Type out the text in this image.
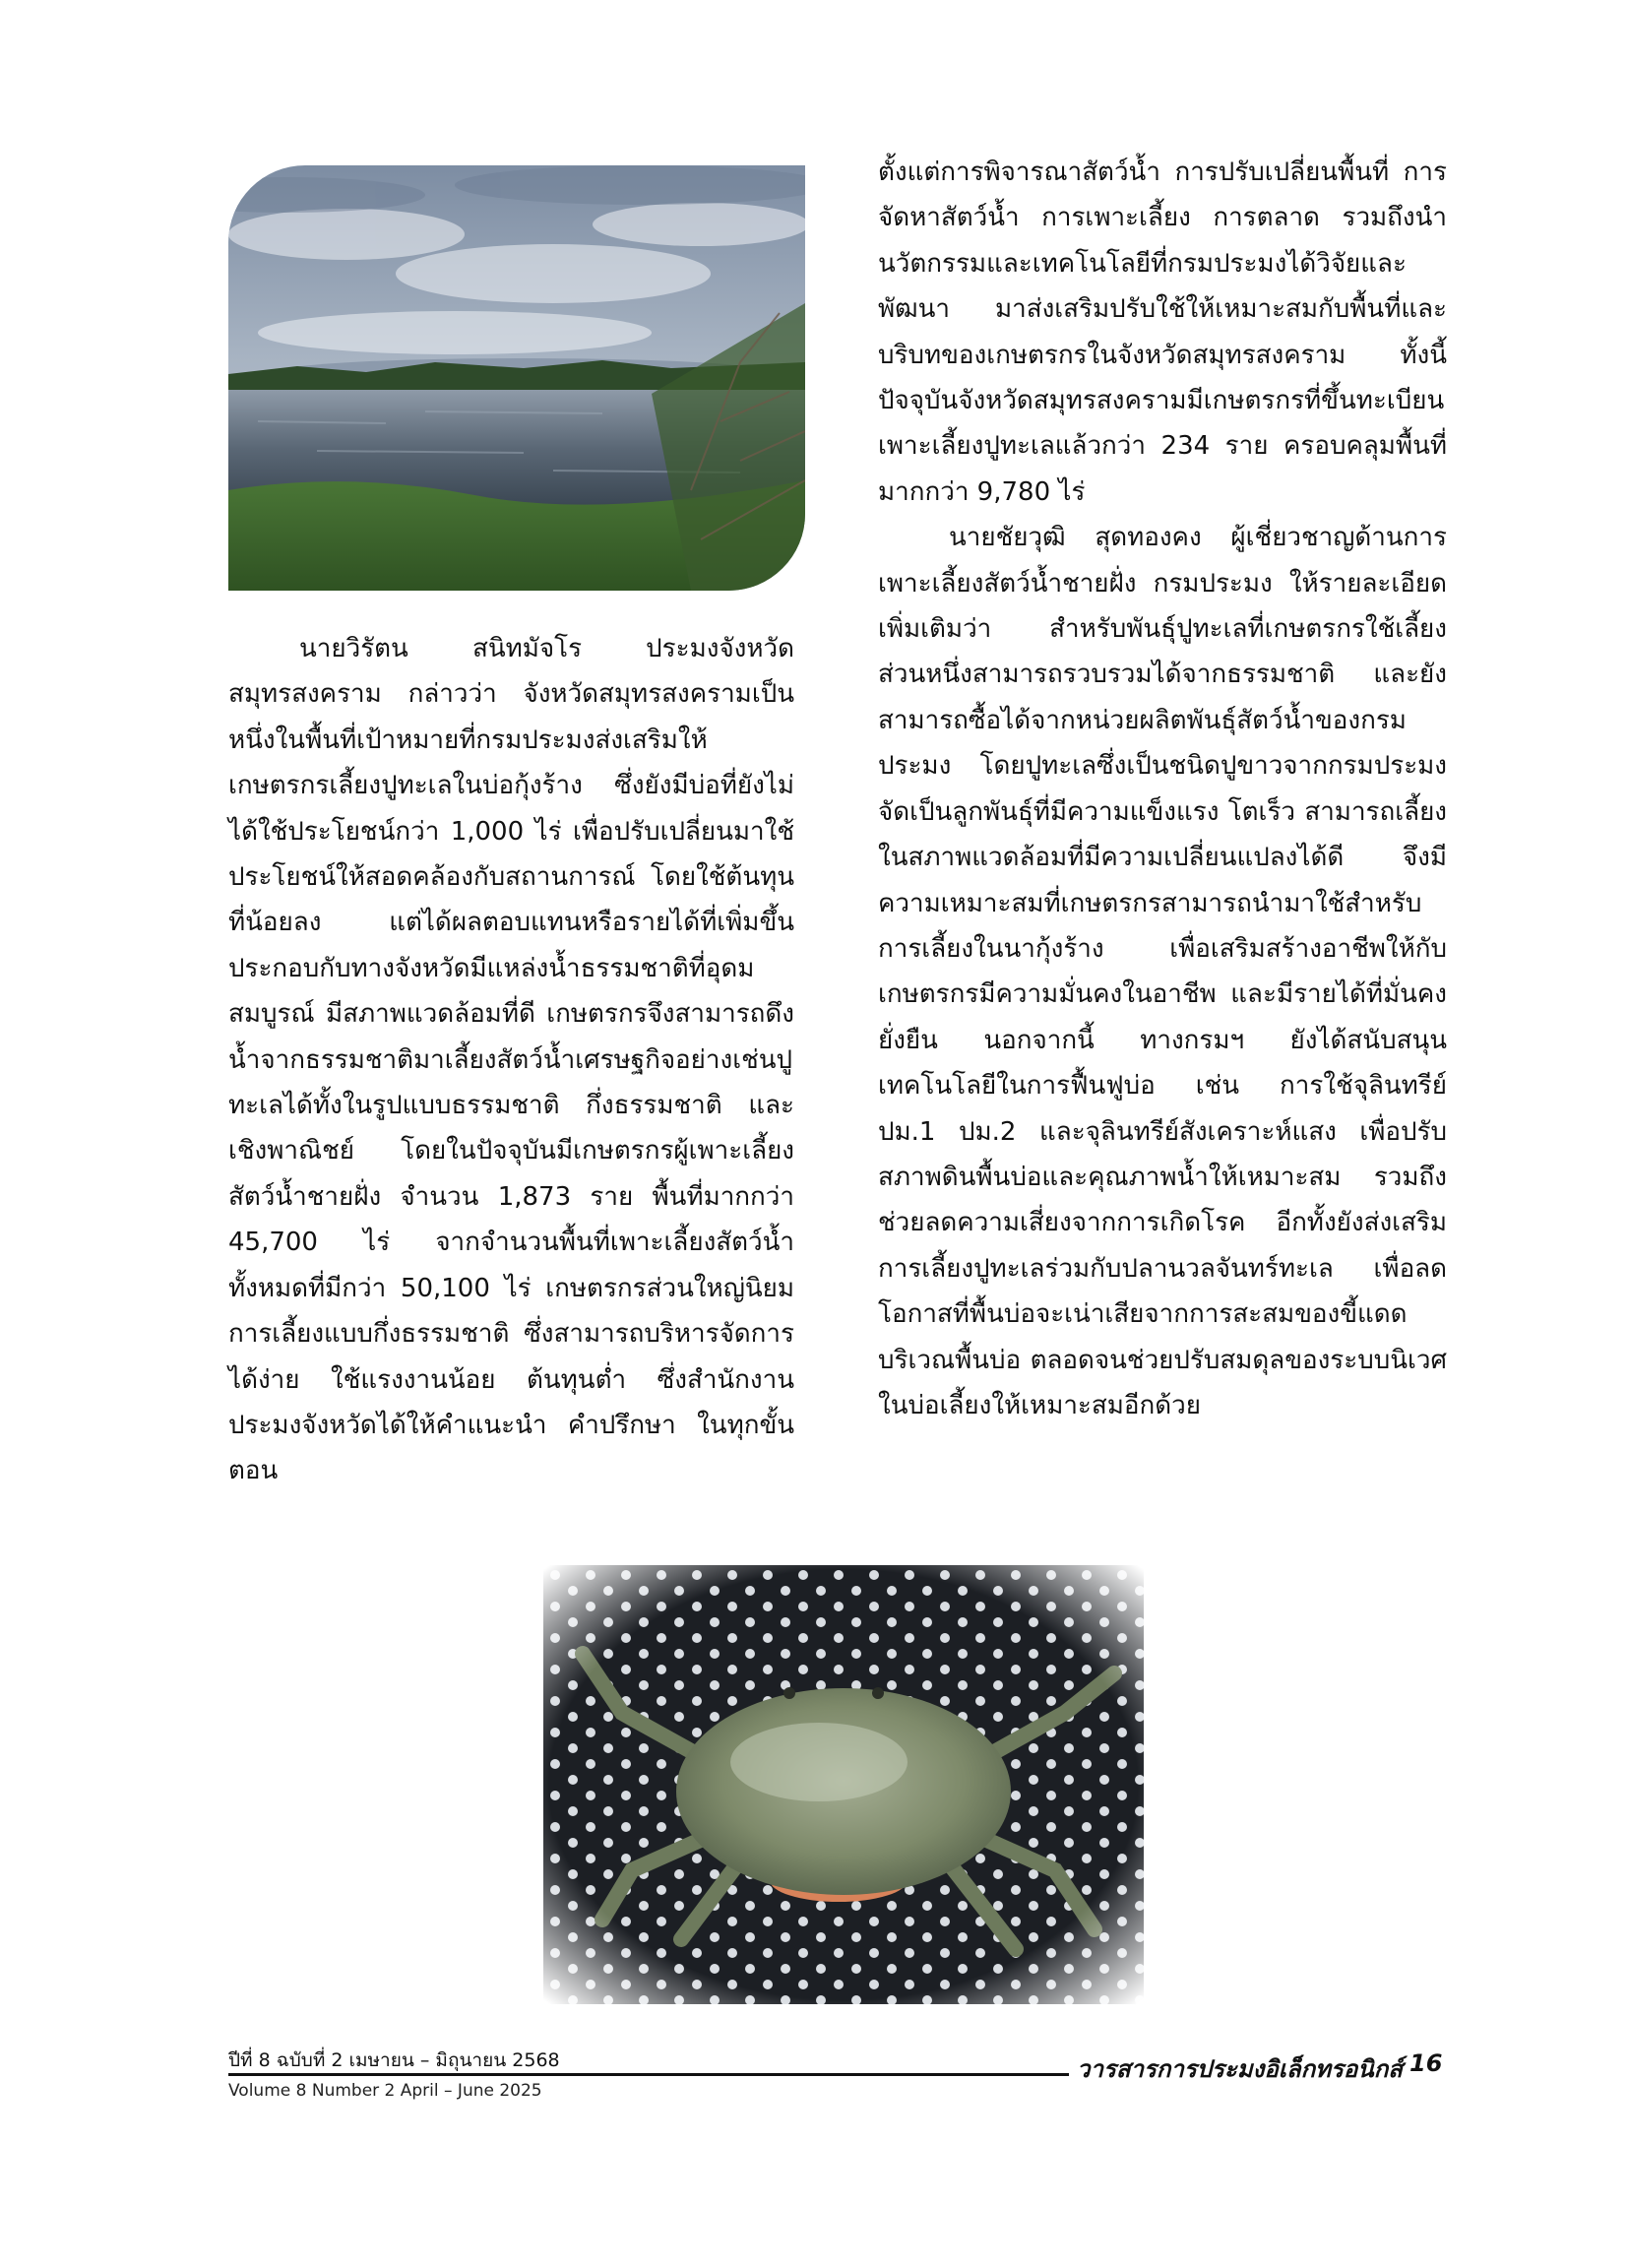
นายวิรัตน สนิทมัจโร ประมงจังหวัดสมุทรสงคราม กล่าวว่า จังหวัดสมุทรสงครามเป็นหนึ่งในพื้นที่เป้าหมายที่กรมประมงส่งเสริมให้เกษตรกรเลี้ยงปูทะเลในบ่อกุ้งร้าง ซึ่งยังมีบ่อที่ยังไม่ได้ใช้ประโยชน์กว่า 1,000 ไร่ เพื่อปรับเปลี่ยนมาใช้ประโยชน์ให้สอดคล้องกับสถานการณ์ โดยใช้ต้นทุนที่น้อยลง แต่ได้ผลตอบแทนหรือรายได้ที่เพิ่มขึ้น ประกอบกับทางจังหวัดมีแหล่งน้ำธรรมชาติที่อุดมสมบูรณ์ มีสภาพแวดล้อมที่ดี เกษตรกรจึงสามารถดึงน้ำจากธรรมชาติมาเลี้ยงสัตว์น้ำเศรษฐกิจอย่างเช่นปูทะเลได้ทั้งในรูปแบบธรรมชาติ กึ่งธรรมชาติ และเชิงพาณิชย์ โดยในปัจจุบันมีเกษตรกรผู้เพาะเลี้ยงสัตว์น้ำชายฝั่ง จำนวน 1,873 ราย พื้นที่มากกว่า 45,700 ไร่ จากจำนวนพื้นที่เพาะเลี้ยงสัตว์น้ำทั้งหมดที่มีกว่า 50,100 ไร่ เกษตรกรส่วนใหญ่นิยมการเลี้ยงแบบกึ่งธรรมชาติ ซึ่งสามารถบริหารจัดการได้ง่าย ใช้แรงงานน้อย ต้นทุนต่ำ ซึ่งสำนักงานประมงจังหวัดได้ให้คำแนะนำ คำปรึกษา ในทุกขั้นตอน

ตั้งแต่การพิจารณาสัตว์น้ำ การปรับเปลี่ยนพื้นที่ การจัดหาสัตว์น้ำ การเพาะเลี้ยง การตลาด รวมถึงนำนวัตกรรมและเทคโนโลยีที่กรมประมงได้วิจัยและพัฒนา มาส่งเสริมปรับใช้ให้เหมาะสมกับพื้นที่และบริบทของเกษตรกรในจังหวัดสมุทรสงคราม ทั้งนี้ ปัจจุบันจังหวัดสมุทรสงครามมีเกษตรกรที่ขึ้นทะเบียนเพาะเลี้ยงปูทะเลแล้วกว่า 234 ราย ครอบคลุมพื้นที่มากกว่า 9,780 ไร่

นายชัยวุฒิ สุดทองคง ผู้เชี่ยวชาญด้านการเพาะเลี้ยงสัตว์น้ำชายฝั่ง กรมประมง ให้รายละเอียดเพิ่มเติมว่า สำหรับพันธุ์ปูทะเลที่เกษตรกรใช้เลี้ยง ส่วนหนึ่งสามารถรวบรวมได้จากธรรมชาติ และยังสามารถซื้อได้จากหน่วยผลิตพันธุ์สัตว์น้ำของกรมประมง โดยปูทะเลซึ่งเป็นชนิดปูขาวจากกรมประมง จัดเป็นลูกพันธุ์ที่มีความแข็งแรง โตเร็ว สามารถเลี้ยงในสภาพแวดล้อมที่มีความเปลี่ยนแปลงได้ดี จึงมีความเหมาะสมที่เกษตรกรสามารถนำมาใช้สำหรับการเลี้ยงในนากุ้งร้าง เพื่อเสริมสร้างอาชีพให้กับเกษตรกรมีความมั่นคงในอาชีพ และมีรายได้ที่มั่นคงยั่งยืน นอกจากนี้ ทางกรมฯ ยังได้สนับสนุนเทคโนโลยีในการฟื้นฟูบ่อ เช่น การใช้จุลินทรีย์ ปม.1 ปม.2 และจุลินทรีย์สังเคราะห์แสง เพื่อปรับสภาพดินพื้นบ่อและคุณภาพน้ำให้เหมาะสม รวมถึงช่วยลดความเสี่ยงจากการเกิดโรค อีกทั้งยังส่งเสริมการเลี้ยงปูทะเลร่วมกับปลานวลจันทร์ทะเล เพื่อลดโอกาสที่พื้นบ่อจะเน่าเสียจากการสะสมของขี้แดดบริเวณพื้นบ่อ ตลอดจนช่วยปรับสมดุลของระบบนิเวศในบ่อเลี้ยงให้เหมาะสมอีกด้วย

ปีที่ 8 ฉบับที่ 2 เมษายน – มิถุนายน 2568
Volume 8 Number 2 April – June 2025
วารสารการประมงอิเล็กทรอนิกส์ 16
